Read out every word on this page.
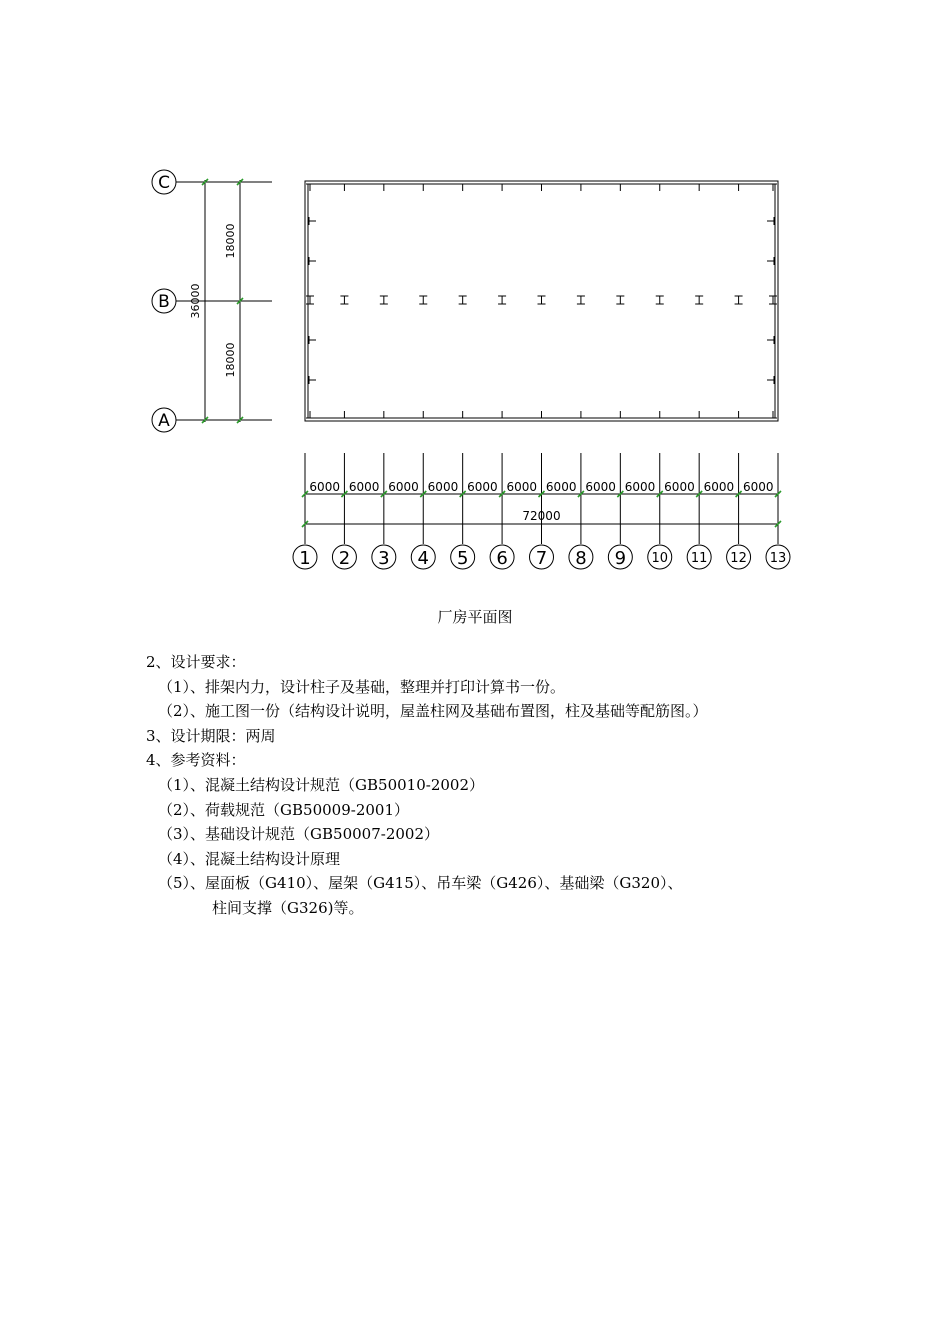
C
B
A
18000
18000
36000
6000 6000 6000 6000 6000 6000 6000 6000 6000 6000 6000 6000
72000
1 2 3 4 5 6 7 8 9 10 11 12 13
厂房平面图
2、设计要求：
（1）、排架内力，设计柱子及基础，整理并打印计算书一份。
（2）、施工图一份（结构设计说明，屋盖柱网及基础布置图，柱及基础等配筋图。）
3、设计期限：两周
4、参考资料：
（1）、混凝土结构设计规范（GB50010-2002）
（2）、荷载规范（GB50009-2001）
（3）、基础设计规范（GB50007-2002）
（4）、混凝土结构设计原理
（5）、屋面板（G410）、屋架（G415）、吊车梁（G426）、基础梁（G320）、
柱间支撑（G326)等。
